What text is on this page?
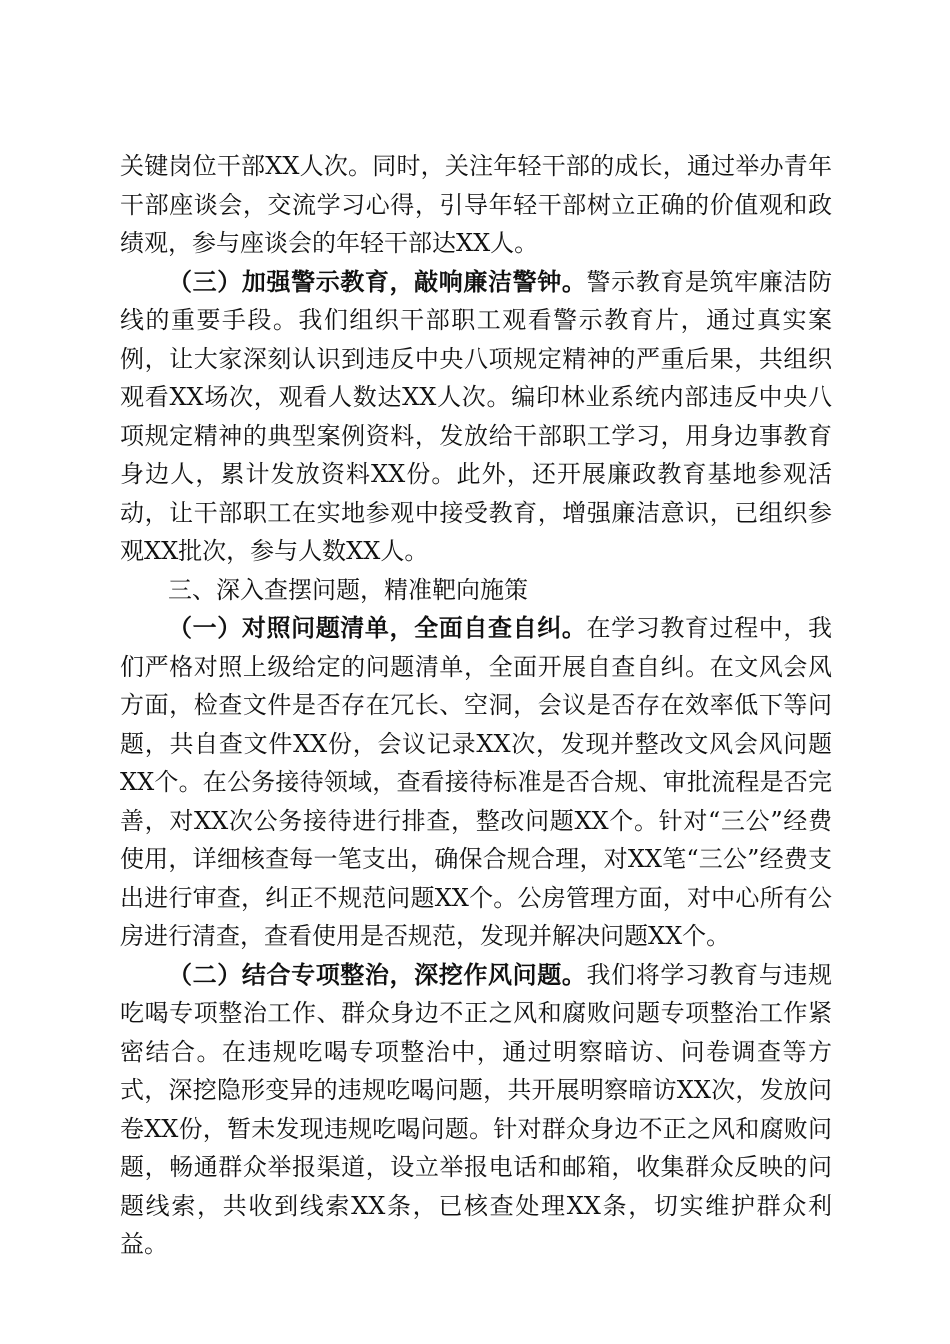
关键岗位干部XX人次。同时，关注年轻干部的成长，通过举办青年干部座谈会，交流学习心得，引导年轻干部树立正确的价值观和政绩观，参与座谈会的年轻干部达XX人。

（三）加强警示教育，敲响廉洁警钟。警示教育是筑牢廉洁防线的重要手段。我们组织干部职工观看警示教育片，通过真实案例，让大家深刻认识到违反中央八项规定精神的严重后果，共组织观看XX场次，观看人数达XX人次。编印林业系统内部违反中央八项规定精神的典型案例资料，发放给干部职工学习，用身边事教育身边人，累计发放资料XX份。此外，还开展廉政教育基地参观活动，让干部职工在实地参观中接受教育，增强廉洁意识，已组织参观XX批次，参与人数XX人。

三、深入查摆问题，精准靶向施策

（一）对照问题清单，全面自查自纠。在学习教育过程中，我们严格对照上级给定的问题清单，全面开展自查自纠。在文风会风方面，检查文件是否存在冗长、空洞，会议是否存在效率低下等问题，共自查文件XX份，会议记录XX次，发现并整改文风会风问题XX个。在公务接待领域，查看接待标准是否合规、审批流程是否完善，对XX次公务接待进行排查，整改问题XX个。针对“三公”经费使用，详细核查每一笔支出，确保合规合理，对XX笔“三公”经费支出进行审查，纠正不规范问题XX个。公房管理方面，对中心所有公房进行清查，查看使用是否规范，发现并解决问题XX个。

（二）结合专项整治，深挖作风问题。我们将学习教育与违规吃喝专项整治工作、群众身边不正之风和腐败问题专项整治工作紧密结合。在违规吃喝专项整治中，通过明察暗访、问卷调查等方式，深挖隐形变异的违规吃喝问题，共开展明察暗访XX次，发放问卷XX份，暂未发现违规吃喝问题。针对群众身边不正之风和腐败问题，畅通群众举报渠道，设立举报电话和邮箱，收集群众反映的问题线索，共收到线索XX条，已核查处理XX条，切实维护群众利益。
